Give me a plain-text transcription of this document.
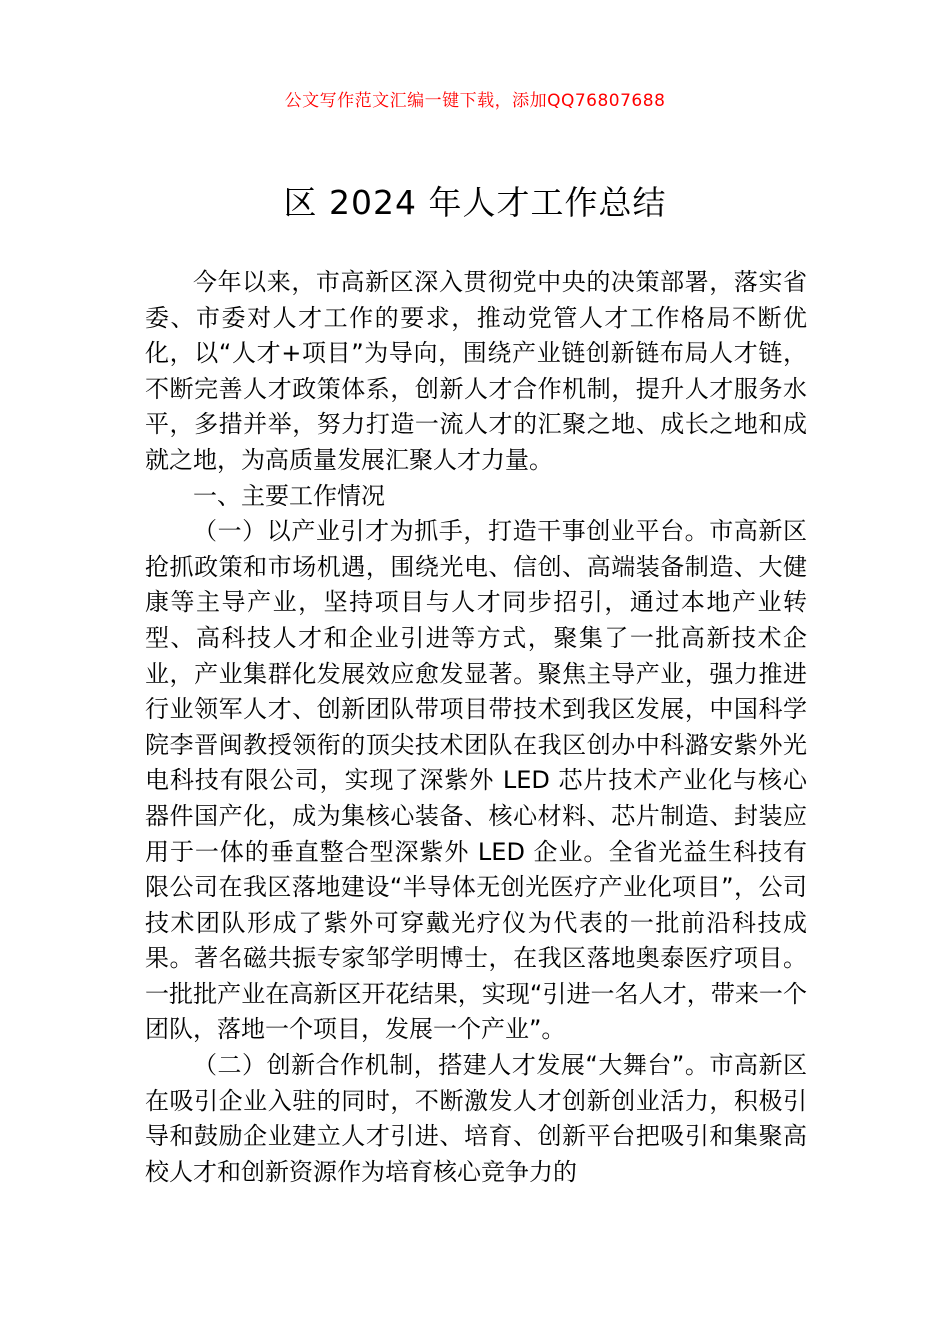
公文写作范文汇编一键下载，添加QQ76807688
区 2024 年人才工作总结

今年以来，市高新区深入贯彻党中央的决策部署，落实省委、市委对人才工作的要求，推动党管人才工作格局不断优化，以“人才+项目”为导向，围绕产业链创新链布局人才链，不断完善人才政策体系，创新人才合作机制，提升人才服务水平，多措并举，努力打造一流人才的汇聚之地、成长之地和成就之地，为高质量发展汇聚人才力量。

一、主要工作情况

（一）以产业引才为抓手，打造干事创业平台。市高新区抢抓政策和市场机遇，围绕光电、信创、高端装备制造、大健康等主导产业，坚持项目与人才同步招引，通过本地产业转型、高科技人才和企业引进等方式，聚集了一批高新技术企业，产业集群化发展效应愈发显著。聚焦主导产业，强力推进行业领军人才、创新团队带项目带技术到我区发展，中国科学院李晋闽教授领衔的顶尖技术团队在我区创办中科潞安紫外光电科技有限公司，实现了深紫外 LED 芯片技术产业化与核心器件国产化，成为集核心装备、核心材料、芯片制造、封装应用于一体的垂直整合型深紫外 LED 企业。全省光益生科技有限公司在我区落地建设“半导体无创光医疗产业化项目”，公司技术团队形成了紫外可穿戴光疗仪为代表的一批前沿科技成果。著名磁共振专家邹学明博士，在我区落地奥泰医疗项目。一批批产业在高新区开花结果，实现“引进一名人才，带来一个团队，落地一个项目，发展一个产业”。

（二）创新合作机制，搭建人才发展“大舞台”。市高新区在吸引企业入驻的同时，不断激发人才创新创业活力，积极引导和鼓励企业建立人才引进、培育、创新平台把吸引和集聚高校人才和创新资源作为培育核心竞争力的
